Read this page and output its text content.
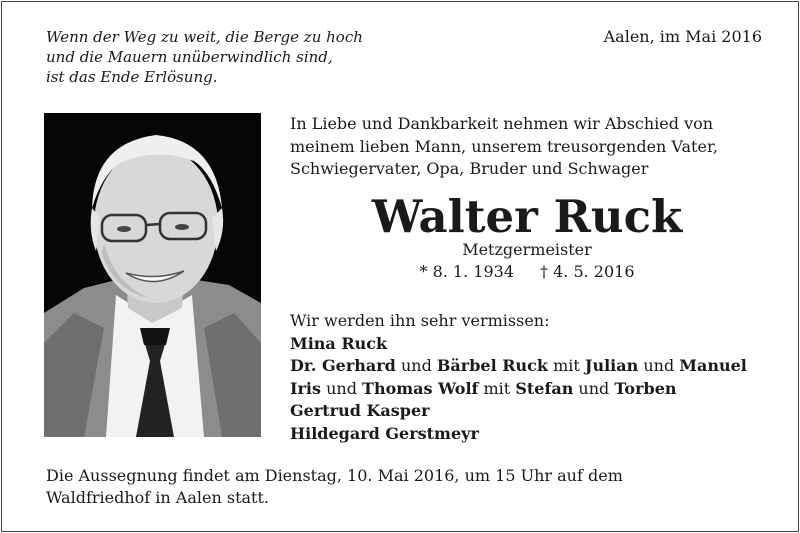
Wenn der Weg zu weit, die Berge zu hoch
und die Mauern unüberwindlich sind,
ist das Ende Erlösung.
Aalen, im Mai 2016
In Liebe und Dankbarkeit nehmen wir Abschied von
meinem lieben Mann, unserem treusorgenden Vater,
Schwiegervater, Opa, Bruder und Schwager
Walter Ruck
Metzgermeister
* 8. 1. 1934 † 4. 5. 2016
Wir werden ihn sehr vermissen:
Mina Ruck
Dr. Gerhard und Bärbel Ruck mit Julian und Manuel
Iris und Thomas Wolf mit Stefan und Torben
Gertrud Kasper
Hildegard Gerstmeyr
Die Aussegnung findet am Dienstag, 10. Mai 2016, um 15 Uhr auf dem
Waldfriedhof in Aalen statt.
